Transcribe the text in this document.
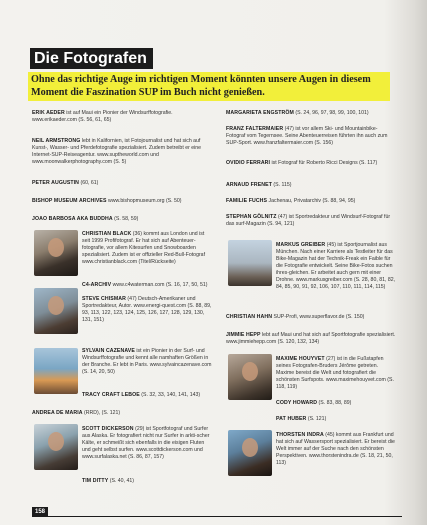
Die Fotografen
Ohne das richtige Auge im richtigen Moment könnten unsere Augen in diesem Moment die Faszination SUP im Buch nicht genießen.
ERIK AEDER ist auf Maui ein Pionier der Windsurffotografie. www.erikaeder.com (S. 56, 61, 65)
NEIL ARMSTRONG lebt in Kalifornien, ist Fotojournalist und hat sich auf Kunst-, Wasser- und Pferdefotografie spezialisiert. Zudem betreibt er eine Internet-SUP-Reiseagentur. www.suptheworld.com und www.moonwalkerphotography.com (S. 5)
PETER AUGUSTIN (60, 61)
BISHOP MUSEUM ARCHIVES www.bishopmuseum.org (S. 50)
JOAO BARBOSA AKA BUDDHA (S. 58, 59)
CHRISTIAN BLACK (36) kommt aus London und ist seit 1999 Profifotograf. Er hat sich auf Abenteuer-fotografie, vor allem Kitesurfen und Snowboarden spezialisiert. Zudem ist er offizieller Red-Bull-Fotograf www.christianblack.com (Titel/Rückseite)
C4-ARCHIV www.c4waterman.com (S. 16, 17, 50, 51)
STEVE CHISMAR (47) Deutsch-Amerikaner und Sportredakteur, Autor. www.energi-quest.com (S. 88, 89, 93, 113, 122, 123, 124, 125, 126, 127, 128, 129, 130, 131, 151)
SYLVAIN CAZENAVE ist ein Pionier in der Surf- und Windsurffotografie und kennt alle namhaften Größen in der Branche. Er lebt in Paris. www.sylvaincazenave.com (S. 14, 20, 50)
TRACY CRAFT LEBOE (S. 32, 33, 140, 141, 143)
ANDREA DE MARIA (RRD), (S. 121)
SCOTT DICKERSON (29) ist Sportfotograf und Surfer aus Alaska. Er fotografiert nicht nur Surfer in arkti-scher Kälte, er schmeißt sich ebenfalls in die eisigen Fluten und geht selbst surfen. www.scottdickerson.com und www.surfalaska.net (S. 86, 87, 157)
TIM DITTY (S. 40, 41)
MARGARIETA ENGSTRÖM (S. 24, 96, 97, 98, 99, 100, 101)
FRANZ FALTERMAIER (47) ist vor allem Ski- und Mountainbike-Fotograf vom Tegernsee. Seine Abenteuerreisen führten ihn auch zum SUP-Sport. www.franzfaltermaier.com (S. 156)
OVIDIO FERRARI ist Fotograf für Roberto Ricci Designs (S. 117)
ARNAUD FRENET (S. 115)
FAMILIE FUCHS Jachenau, Privatarchiv (S. 88, 94, 95)
STEPHAN GÖLNITZ (47) ist Sportredakteur und Windsurf-Fotograf für das surf-Magazin (S. 94, 121)
MARKUS GREIBER (45) ist Sportjournalist aus München. Nach einer Karriere als Testleiter für das Bike-Magazin hat der Technik-Freak ein Faible für die Fotografie entwickelt. Seine Bike-Fotos suchen ihres-gleichen. Er arbeitet auch gern mit einer Drohne. www.markusgreiber.com (S. 28, 80, 81, 82, 84, 85, 90, 91, 92, 106, 107, 110, 111, 114, 115)
CHRISTIAN HAHN SUP-Profi, www.superflavor.de (S. 150)
JIMMIE HEPP lebt auf Maui und hat sich auf Sportfotografie spezialisiert. www.jimmiehepp.com (S. 120, 132, 134)
MAXIME HOUYVET (27) ist in die Fußstapfen seines Fotografen-Bruders Jérôme getreten. Maxime bereist die Welt und fotografiert die schönsten Surfspots. www.maximehouyvet.com (S. 118, 119)
CODY HOWARD (S. 83, 88, 89)
PAT HUBER (S. 121)
THORSTEN INDRA (45) kommt aus Frankfurt und hat sich auf Wassersport spezialisiert. Er bereist die Welt immer auf der Suche nach den schönsten Perspektiven. www.thorstenindra.de (S. 18, 21, 50, 113)
158
